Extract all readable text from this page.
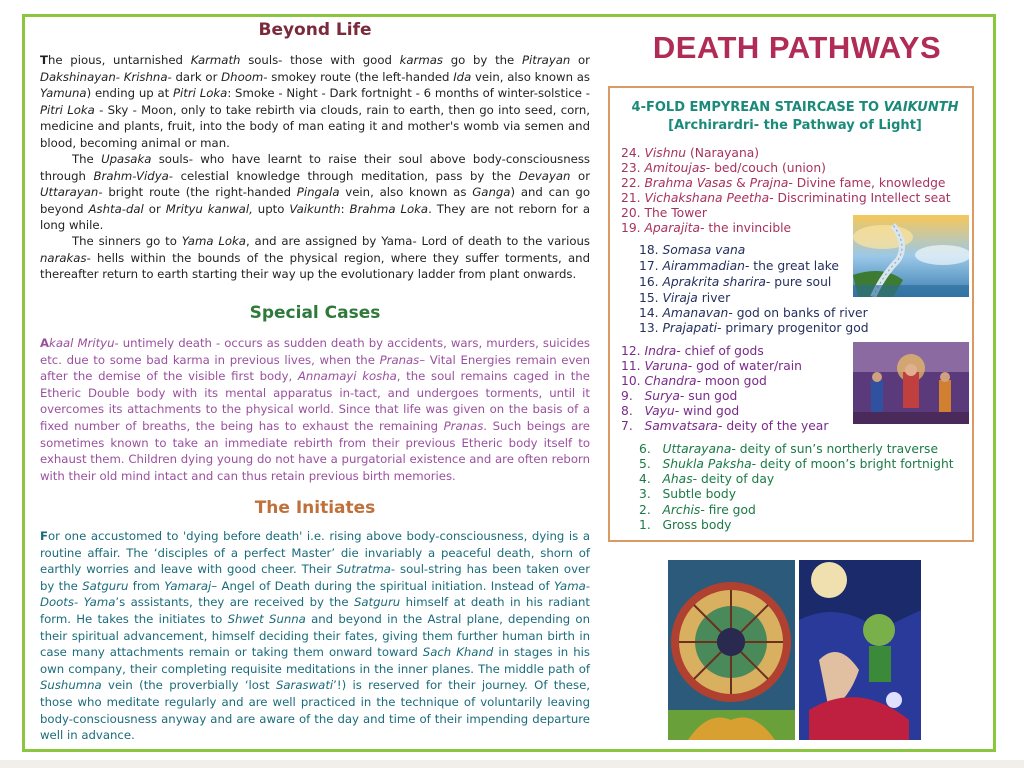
Beyond Life

The pious, untarnished Karmath souls- those with good karmas go by the Pitrayan or Dakshinayan- Krishna- dark or Dhoom- smokey route (the left-handed Ida vein, also known as Yamuna) ending up at Pitri Loka: Smoke - Night - Dark fortnight - 6 months of winter-solstice - Pitri Loka - Sky - Moon, only to take rebirth via clouds, rain to earth, then go into seed, corn, medicine and plants, fruit, into the body of man eating it and mother's womb via semen and blood, becoming animal or man.

The Upasaka souls- who have learnt to raise their soul above body-consciousness through Brahm-Vidya- celestial knowledge through meditation, pass by the Devayan or Uttarayan- bright route (the right-handed Pingala vein, also known as Ganga) and can go beyond Ashta-dal or Mrityu kanwal, upto Vaikunth: Brahma Loka. They are not reborn for a long while.

The sinners go to Yama Loka, and are assigned by Yama- Lord of death to the various narakas- hells within the bounds of the physical region, where they suffer torments, and thereafter return to earth starting their way up the evolutionary ladder from plant onwards.

Special Cases

Akaal Mrityu- untimely death - occurs as sudden death by accidents, wars, murders, suicides etc. due to some bad karma in previous lives, when the Pranas– Vital Energies remain even after the demise of the visible first body, Annamayi kosha, the soul remains caged in the Etheric Double body with its mental apparatus in-tact, and undergoes torments, until it overcomes its attachments to the physical world. Since that life was given on the basis of a fixed number of breaths, the being has to exhaust the remaining Pranas. Such beings are sometimes known to take an immediate rebirth from their previous Etheric body itself to exhaust them. Children dying young do not have a purgatorial existence and are often reborn with their old mind intact and can thus retain previous birth memories.

The Initiates

For one accustomed to 'dying before death' i.e. rising above body-consciousness, dying is a routine affair. The ‘disciples of a perfect Master’ die invariably a peaceful death, shorn of earthly worries and leave with good cheer. Their Sutratma- soul-string has been taken over by the Satguru from Yamaraj– Angel of Death during the spiritual initiation. Instead of Yama-Doots- Yama’s assistants, they are received by the Satguru himself at death in his radiant form. He takes the initiates to Shwet Sunna and beyond in the Astral plane, depending on their spiritual advancement, himself deciding their fates, giving them further human birth in case many attachments remain or taking them onward toward Sach Khand in stages in his own company, their completing requisite meditations in the inner planes. The middle path of Sushumna vein (the proverbially ‘lost Saraswati’!) is reserved for their journey. Of these, those who meditate regularly and are well practiced in the technique of voluntarily leaving body-consciousness anyway and are aware of the day and time of their impending departure well in advance.

DEATH PATHWAYS

4-FOLD EMPYREAN STAIRCASE TO VAIKUNTH

[Archirardri- the Pathway of Light]

24. Vishnu (Narayana)
23. Amitoujas- bed/couch (union)
22. Brahma Vasas & Prajna- Divine fame, knowledge
21. Vichakshana Peetha- Discriminating Intellect seat
20. The Tower
19. Aparajita- the invincible
18. Somasa vana
17. Airammadian- the great lake
16. Aprakrita sharira- pure soul
15. Viraja river
14. Amanavan- god on banks of river
13. Prajapati- primary progenitor god
12. Indra- chief of gods
11. Varuna- god of water/rain
10. Chandra- moon god
9.   Surya- sun god
8.   Vayu- wind god
7.   Samvatsara- deity of the year
6.   Uttarayana- deity of sun’s northerly traverse
5.   Shukla Paksha- deity of moon’s bright fortnight
4.   Ahas- deity of day
3.   Subtle body
2.   Archis- fire god
1.   Gross body
